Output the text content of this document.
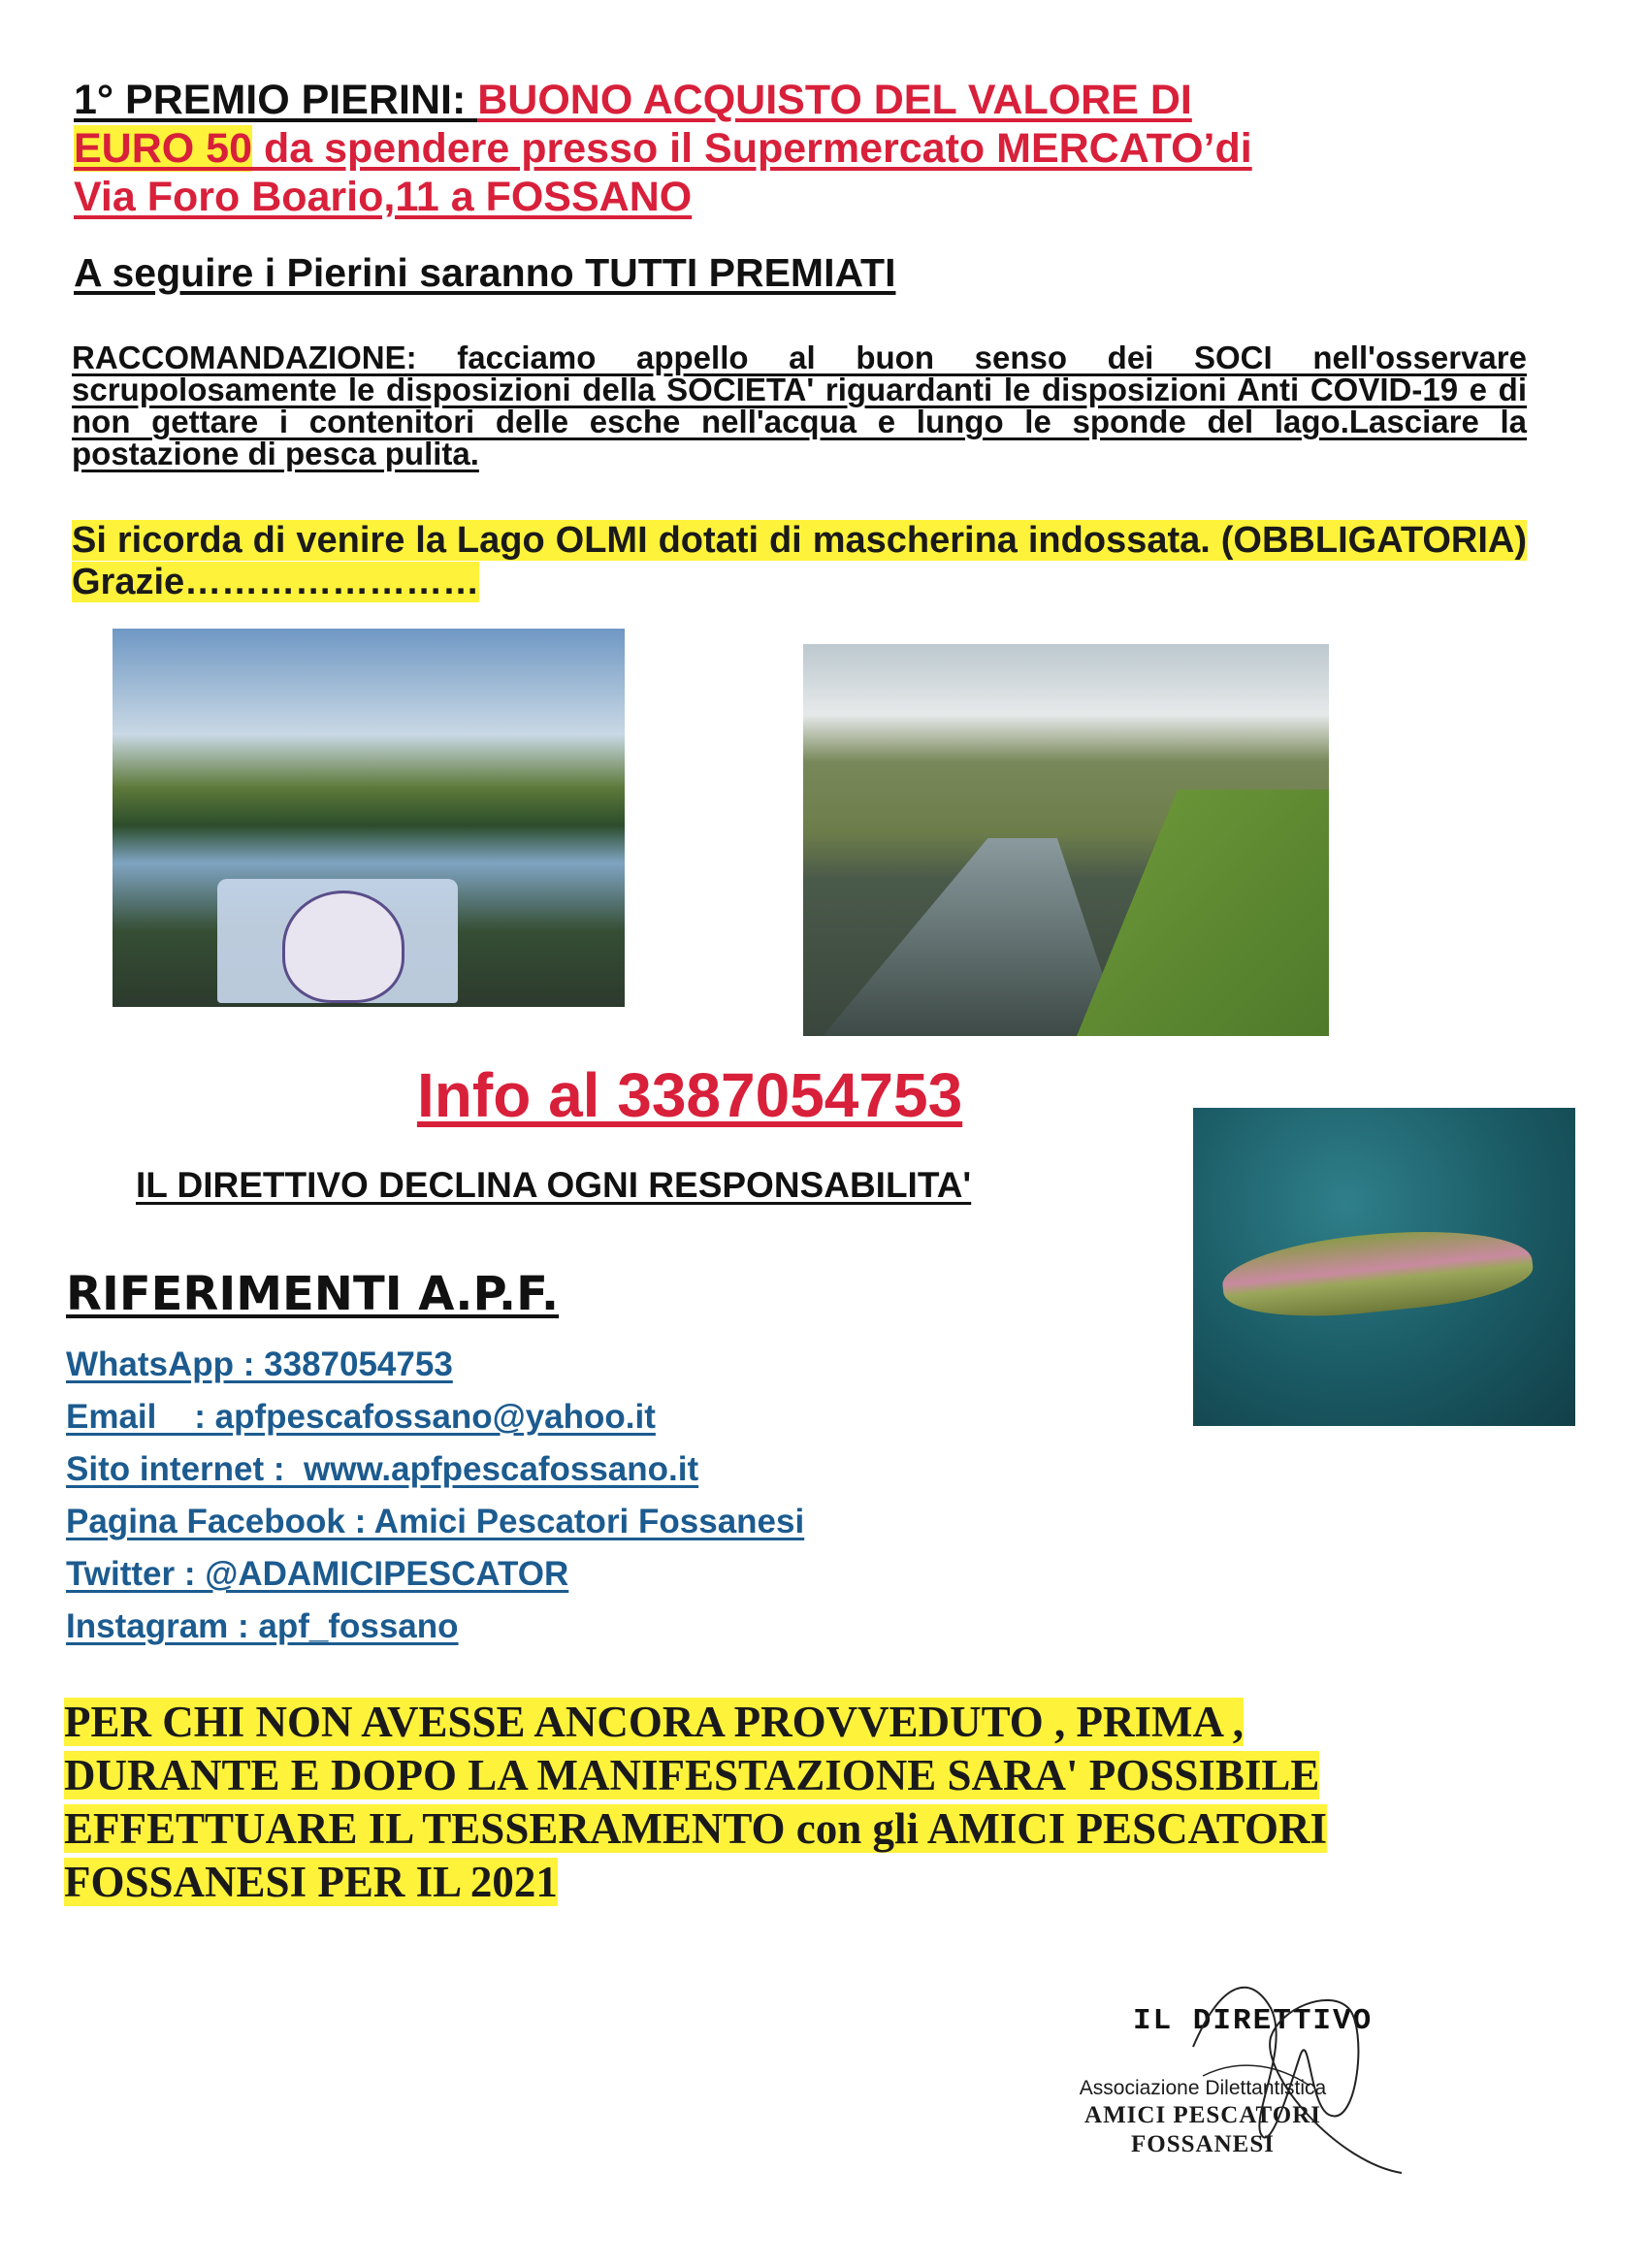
1° PREMIO PIERINI: BUONO ACQUISTO DEL VALORE DI
EURO 50 da spendere presso il Supermercato MERCATO’di
Via Foro Boario,11 a FOSSANO
A seguire i Pierini saranno TUTTI PREMIATI
RACCOMANDAZIONE: facciamo appello al buon senso dei SOCI nell'osservare scrupolosamente le disposizioni della SOCIETA' riguardanti le disposizioni Anti COVID-19 e di non gettare i contenitori delle esche nell'acqua e lungo le sponde del lago.Lasciare la postazione di pesca pulita.
Si ricorda di venire la Lago OLMI dotati di mascherina indossata. (OBBLIGATORIA) Grazie……………………
Info al 3387054753
IL DIRETTIVO DECLINA OGNI RESPONSABILITA'
RIFERIMENTI A.P.F.
WhatsApp : 3387054753
Email    : apfpescafossano@yahoo.it
Sito internet :  www.apfpescafossano.it
Pagina Facebook : Amici Pescatori Fossanesi
Twitter : @ADAMICIPESCATOR
Instagram : apf_fossano
PER CHI NON AVESSE ANCORA PROVVEDUTO , PRIMA ,
DURANTE E DOPO LA MANIFESTAZIONE SARA' POSSIBILE
EFFETTUARE IL TESSERAMENTO con gli AMICI PESCATORI
FOSSANESI PER IL 2021
IL DIRETTIVO
Associazione Dilettantistica
AMICI PESCATORI
FOSSANESI
